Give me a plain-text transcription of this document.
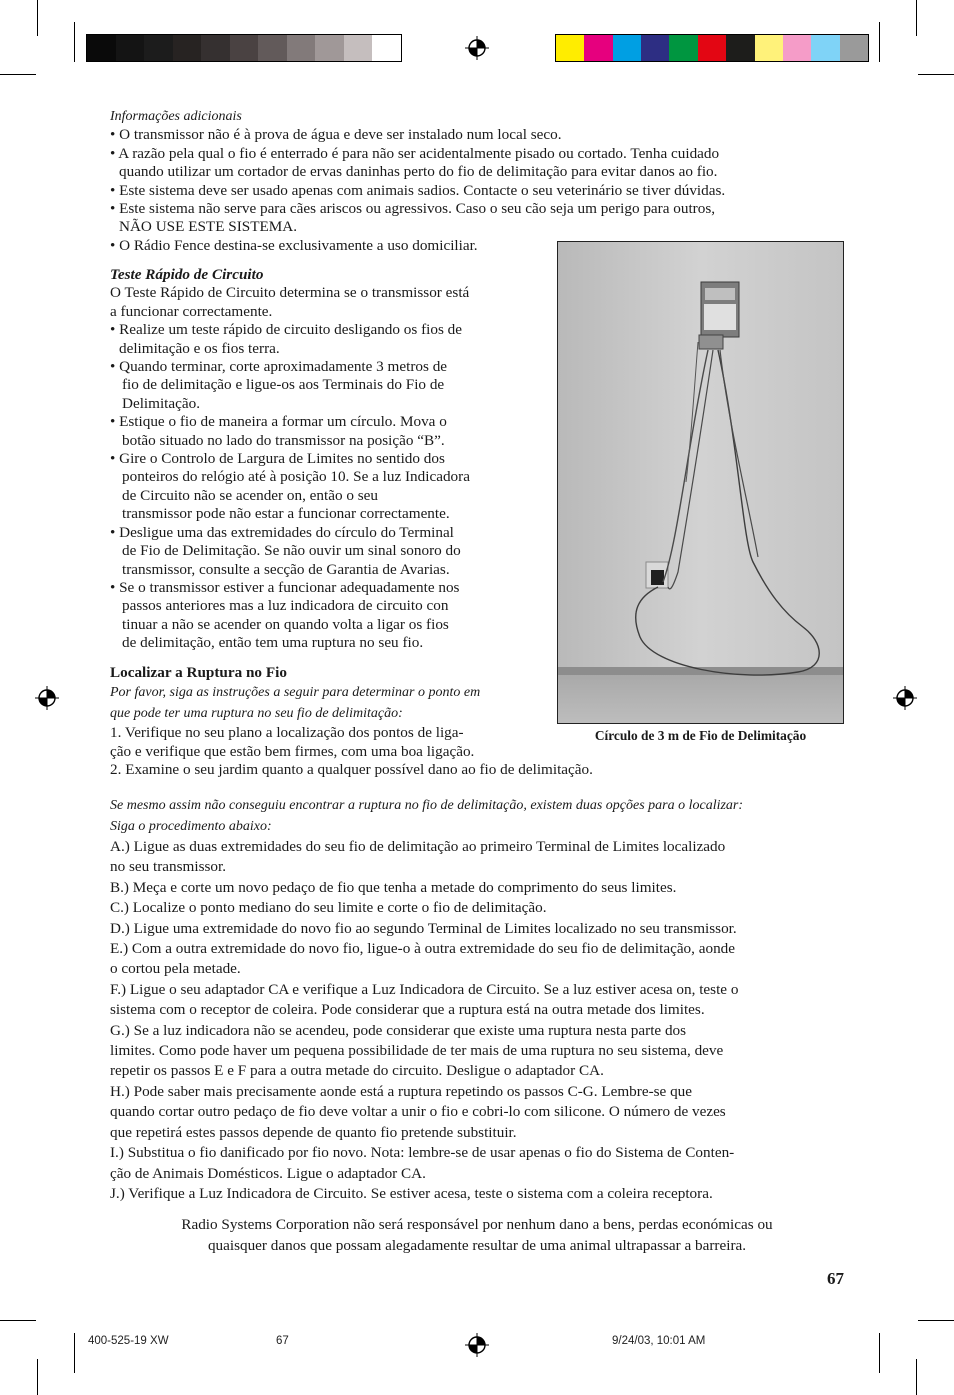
Informações adicionais
• O transmissor não é à prova de água e deve ser instalado num local seco.
• A razão pela qual o fio é enterrado é para não ser acidentalmente pisado ou cortado. Tenha cuidado
quando utilizar um cortador de ervas daninhas perto do fio de delimitação para evitar danos ao fio.
• Este sistema deve ser usado apenas com animais sadios. Contacte o seu veterinário se tiver dúvidas.
• Este sistema não serve para cães ariscos ou agressivos. Caso o seu cão seja um perigo para outros,
NÃO USE ESTE SISTEMA.
• O Rádio Fence destina-se exclusivamente a uso domiciliar.
Teste Rápido de Circuito
O Teste Rápido de Circuito determina se o transmissor está
a funcionar correctamente.
• Realize um teste rápido de circuito desligando os fios de
delimitação e os fios terra.
• Quando terminar, corte aproximadamente 3 metros de
fio de delimitação e ligue-os aos Terminais do Fio de
Delimitação.
• Estique o fio de maneira a formar um círculo. Mova o
botão situado no lado do transmissor na posição “B”.
• Gire o Controlo de Largura de Limites no sentido dos
ponteiros do relógio até à posição 10. Se a luz Indicadora
de Circuito não se acender on, então o seu
transmissor pode não estar a funcionar correctamente.
• Desligue uma das extremidades do círculo do Terminal
de Fio de Delimitação. Se não ouvir um sinal sonoro do
transmissor, consulte a secção de Garantia de Avarias.
• Se o transmissor estiver a funcionar adequadamente nos
passos anteriores mas a luz indicadora de circuito con
tinuar a não se acender on quando volta a ligar os fios
de delimitação, então tem uma ruptura no seu fio.
Círculo de 3 m de Fio de Delimitação
Localizar a Ruptura no Fio
Por favor, siga as instruções a seguir para determinar o ponto em
que pode ter uma ruptura no seu fio de delimitação:
1. Verifique no seu plano a localização dos pontos de liga-
ção e verifique que estão bem firmes, com uma boa ligação.
2. Examine o seu jardim quanto a qualquer possível dano ao fio de delimitação.
Se mesmo assim não conseguiu encontrar a ruptura no fio de delimitação, existem duas opções para o localizar:
Siga o procedimento abaixo:
A.) Ligue as duas extremidades do seu fio de delimitação ao primeiro Terminal de Limites localizado
no seu transmissor.
B.) Meça e corte um novo pedaço de fio que tenha a metade do comprimento do seus limites.
C.) Localize o ponto mediano do seu limite e corte o fio de delimitação.
D.) Ligue uma extremidade do novo fio ao segundo Terminal de Limites localizado no seu transmissor.
E.) Com a outra extremidade do novo fio, ligue-o à outra extremidade do seu fio de delimitação, aonde
o cortou pela metade.
F.) Ligue o seu adaptador CA e verifique a Luz Indicadora de Circuito. Se a luz estiver acesa on, teste o
sistema com o receptor de coleira. Pode considerar que a ruptura está na outra metade dos limites.
G.) Se a luz indicadora não se acendeu, pode considerar que existe uma ruptura nesta parte dos
limites. Como pode haver um pequena possibilidade de ter mais de uma ruptura no seu sistema, deve
repetir os passos E e F para a outra metade do circuito. Desligue o adaptador CA.
H.) Pode saber mais precisamente aonde está a ruptura repetindo os passos C-G. Lembre-se que
quando cortar outro pedaço de fio deve voltar a unir o fio e cobri-lo com silicone. O número de vezes
que repetirá estes passos depende de quanto fio pretende substituir.
I.) Substitua o fio danificado por fio novo. Nota: lembre-se de usar apenas o fio do Sistema de Conten-
ção de Animais Domésticos. Ligue o adaptador CA.
J.) Verifique a Luz Indicadora de Circuito. Se estiver acesa, teste o sistema com a coleira receptora.
Radio Systems Corporation não será responsável por nenhum dano a bens, perdas económicas ou
quaisquer danos que possam alegadamente resultar de uma animal ultrapassar a barreira.
67
400-525-19 XW	67	9/24/03, 10:01 AM
